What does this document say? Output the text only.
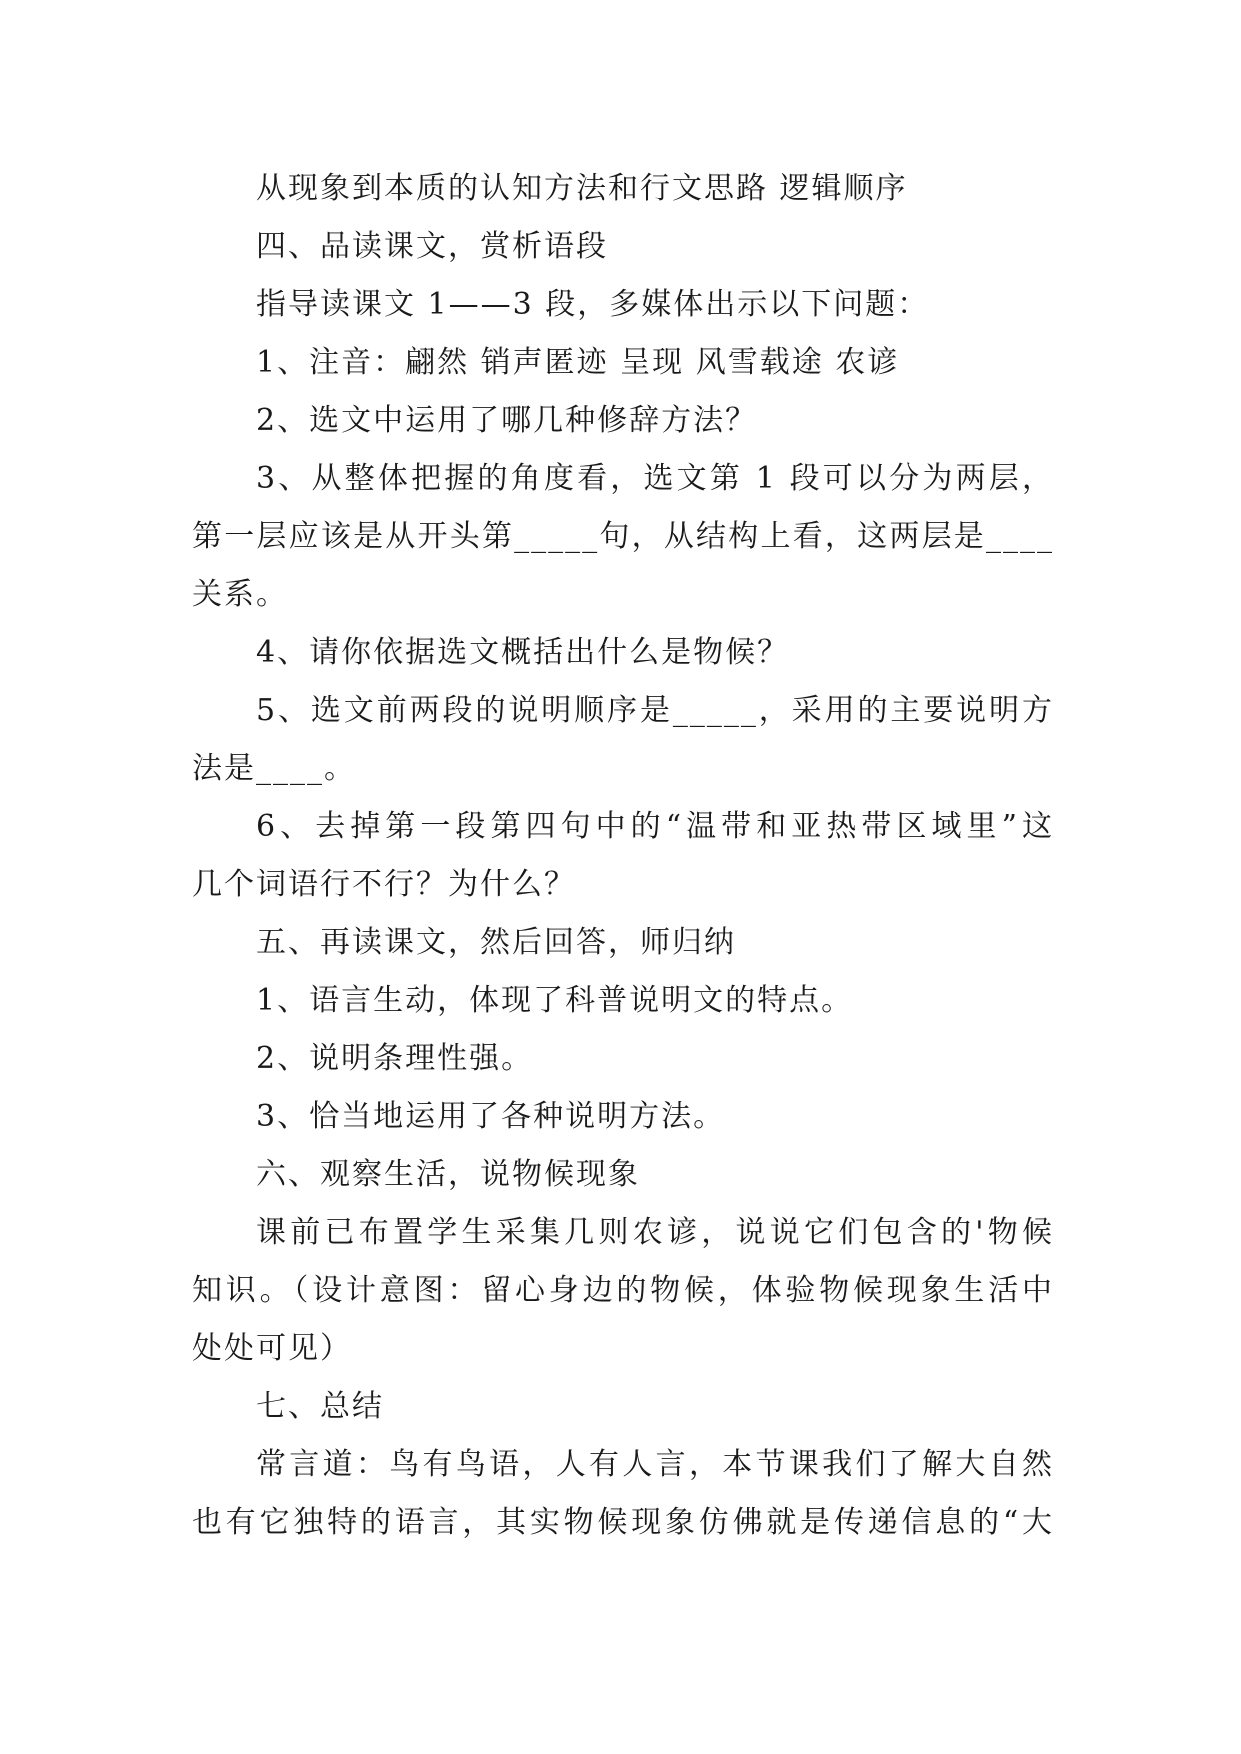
从现象到本质的认知方法和行文思路 逻辑顺序
四、品读课文，赏析语段
指导读课文 1——3 段，多媒体出示以下问题：
1、注音：翩然 销声匿迹 呈现 风雪载途 农谚
2、选文中运用了哪几种修辞方法？
3、从整体把握的角度看，选文第 1 段可以分为两层，
第一层应该是从开头第_____句，从结构上看，这两层是____
关系。
4、请你依据选文概括出什么是物候？
5、选文前两段的说明顺序是_____，采用的主要说明方
法是____。
6、去掉第一段第四句中的“温带和亚热带区域里”这
几个词语行不行？为什么？
五、再读课文，然后回答，师归纳
1、语言生动，体现了科普说明文的特点。
2、说明条理性强。
3、恰当地运用了各种说明方法。
六、观察生活，说物候现象
课前已布置学生采集几则农谚，说说它们包含的'物候
知识。（设计意图：留心身边的物候，体验物候现象生活中
处处可见）
七、总结
常言道：鸟有鸟语，人有人言，本节课我们了解大自然
也有它独特的语言，其实物候现象仿佛就是传递信息的“大
